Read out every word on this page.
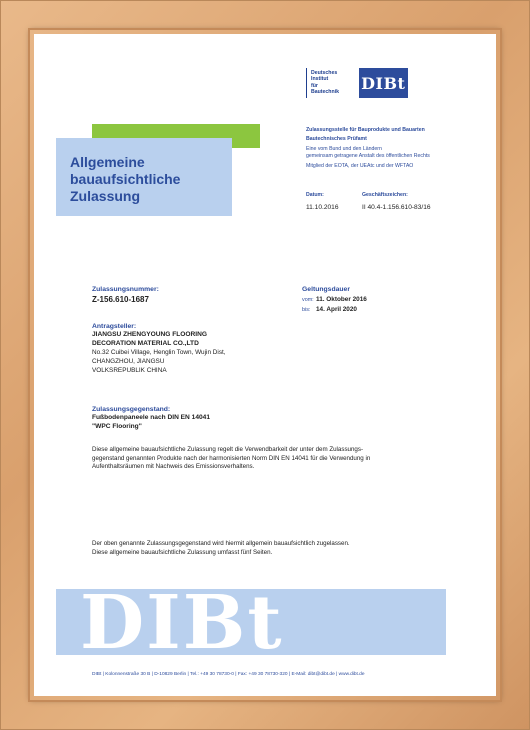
Deutsches
Institut
für
Bautechnik	DIBt
Allgemeine
bauaufsichtliche
Zulassung
Zulassungsstelle für Bauprodukte und Bauarten
Bautechnisches Prüfamt
Eine vom Bund und den Ländern
gemeinsam getragene Anstalt des öffentlichen Rechts
Mitglied der EOTA, der UEAtc und der WFTAO
Datum:
11.10.2016
Geschäftszeichen:
II 40.4-1.156.610-83/16
Zulassungsnummer:
Z-156.610-1687
Geltungsdauer
vom: 11. Oktober 2016
bis: 14. April 2020
Antragsteller:
JIANGSU ZHENGYOUNG FLOORING
DECORATION MATERIAL CO.,LTD
No.32 Cuibei Village, Henglin Town, Wujin Dist,
CHANGZHOU, JIANGSU
VOLKSREPUBLIK CHINA
Zulassungsgegenstand:
Fußbodenpaneele nach DIN EN 14041
"WPC Flooring"
Diese allgemeine bauaufsichtliche Zulassung regelt die Verwendbarkeit der unter dem Zulassungs-
gegenstand genannten Produkte nach der harmonisierten Norm DIN EN 14041 für die Verwendung in
Aufenthaltsräumen mit Nachweis des Emissionsverhaltens.
Der oben genannte Zulassungsgegenstand wird hiermit allgemein bauaufsichtlich zugelassen.
Diese allgemeine bauaufsichtliche Zulassung umfasst fünf Seiten.
DIBt
DIBt | Kolonnenstraße 30 B | D-10829 Berlin | Tel.: +49 30 78730-0 | Fax: +49 30 78730-320 | E-Mail: dibt@dibt.de | www.dibt.de
